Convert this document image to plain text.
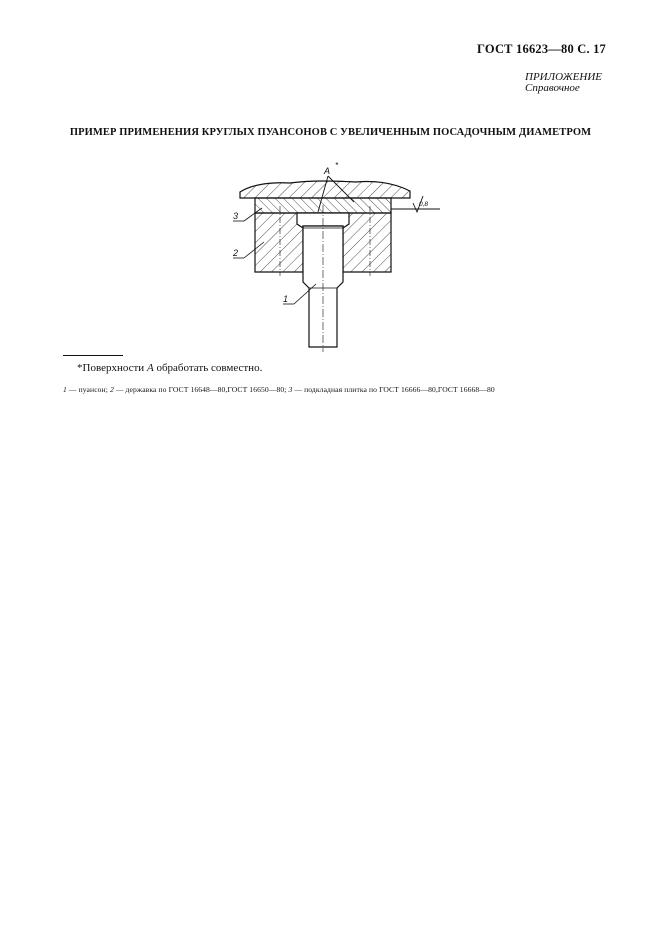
ГОСТ 16623—80 С. 17
ПРИЛОЖЕНИЕ
Справочное
ПРИМЕР ПРИМЕНЕНИЯ КРУГЛЫХ ПУАНСОНОВ С УВЕЛИЧЕННЫМ ПОСАДОЧНЫМ ДИАМЕТРОМ
A
*
0,8
3
2
1
*Поверхности A обработать совместно.
1 — пуансон; 2 — державка по ГОСТ 16648—80,ГОСТ 16650—80; 3 — подкладная плитка по ГОСТ 16666—80,ГОСТ 16668—80
